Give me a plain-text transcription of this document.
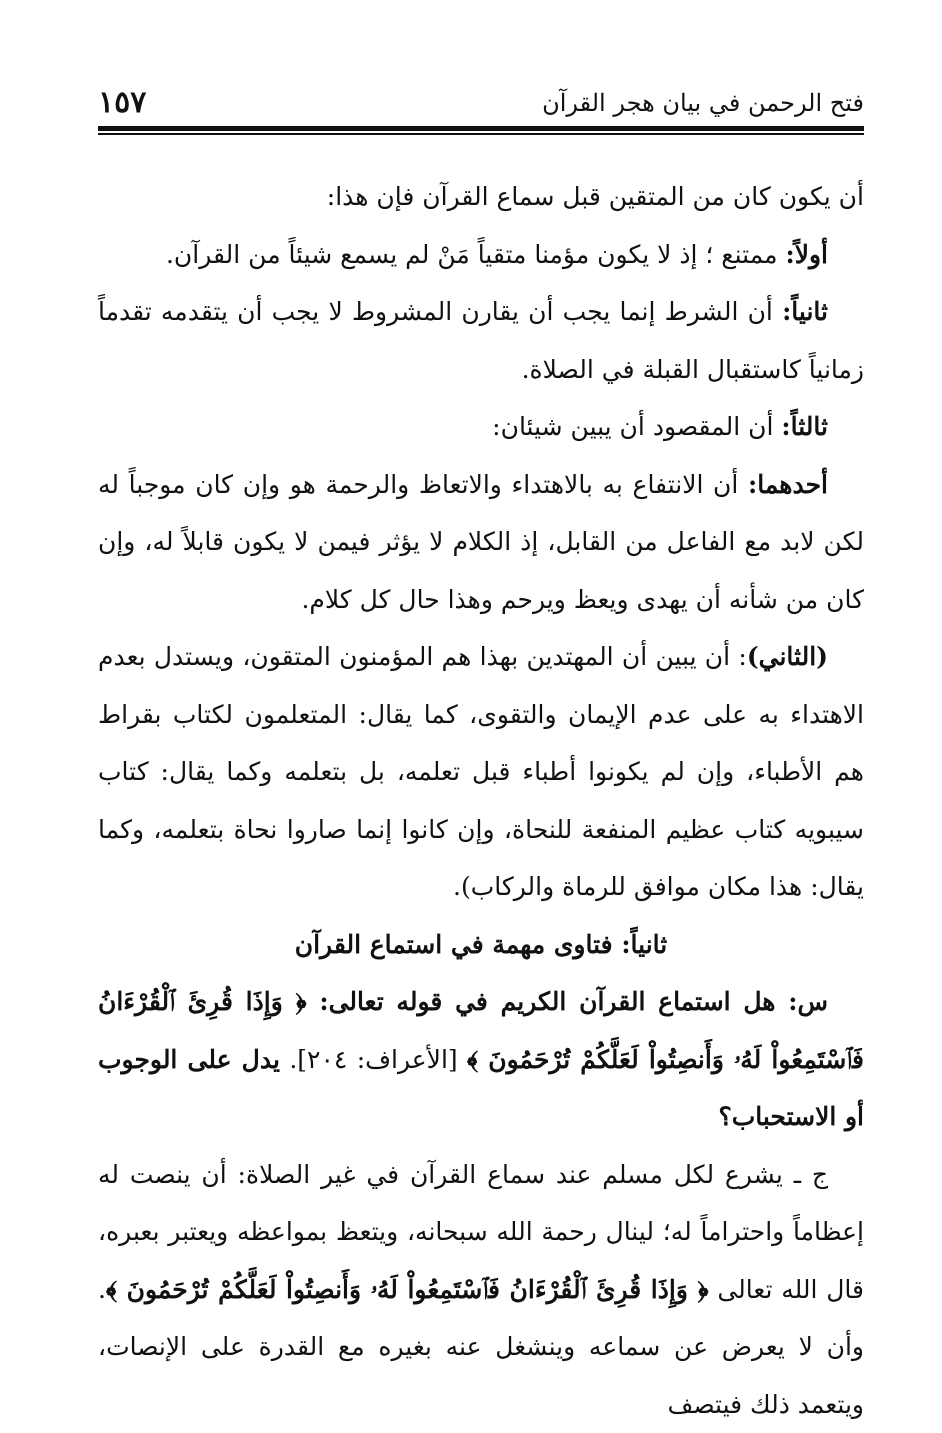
فتح الرحمن في بيان هجر القرآن
١٥٧

أن يكون كان من المتقين قبل سماع القرآن فإن هذا:

أولاً: ممتنع ؛ إذ لا يكون مؤمنا متقياً مَنْ لم يسمع شيئاً من القرآن.

ثانياً: أن الشرط إنما يجب أن يقارن المشروط لا يجب أن يتقدمه تقدماً زمانياً كاستقبال القبلة في الصلاة.

ثالثاً: أن المقصود أن يبين شيئان:

أحدهما: أن الانتفاع به بالاهتداء والاتعاظ والرحمة هو وإن كان موجباً له لكن لابد مع الفاعل من القابل، إذ الكلام لا يؤثر فيمن لا يكون قابلاً له، وإن كان من شأنه أن يهدى ويعظ ويرحم وهذا حال كل كلام.

(الثاني): أن يبين أن المهتدين بهذا هم المؤمنون المتقون، ويستدل بعدم الاهتداء به على عدم الإيمان والتقوى، كما يقال: المتعلمون لكتاب بقراط هم الأطباء، وإن لم يكونوا أطباء قبل تعلمه، بل بتعلمه وكما يقال: كتاب سيبويه كتاب عظيم المنفعة للنحاة، وإن كانوا إنما صاروا نحاة بتعلمه، وكما يقال: هذا مكان موافق للرماة والركاب).

ثانياً: فتاوى مهمة في استماع القرآن

س: هل استماع القرآن الكريم في قوله تعالى: ﴿ وَإِذَا قُرِئَ ٱلْقُرْءَانُ فَٱسْتَمِعُواْ لَهُۥ وَأَنصِتُواْ لَعَلَّكُمْ تُرْحَمُونَ ﴾ [الأعراف: ٢٠٤]. يدل على الوجوب أو الاستحباب؟

ج ـ يشرع لكل مسلم عند سماع القرآن في غير الصلاة: أن ينصت له إعظاماً واحتراماً له؛ لينال رحمة الله سبحانه، ويتعظ بمواعظه ويعتبر بعبره، قال الله تعالى ﴿ وَإِذَا قُرِئَ ٱلْقُرْءَانُ فَٱسْتَمِعُواْ لَهُۥ وَأَنصِتُواْ لَعَلَّكُمْ تُرْحَمُونَ ﴾. وأن لا يعرض عن سماعه وينشغل عنه بغيره مع القدرة على الإنصات، ويتعمد ذلك فيتصف
